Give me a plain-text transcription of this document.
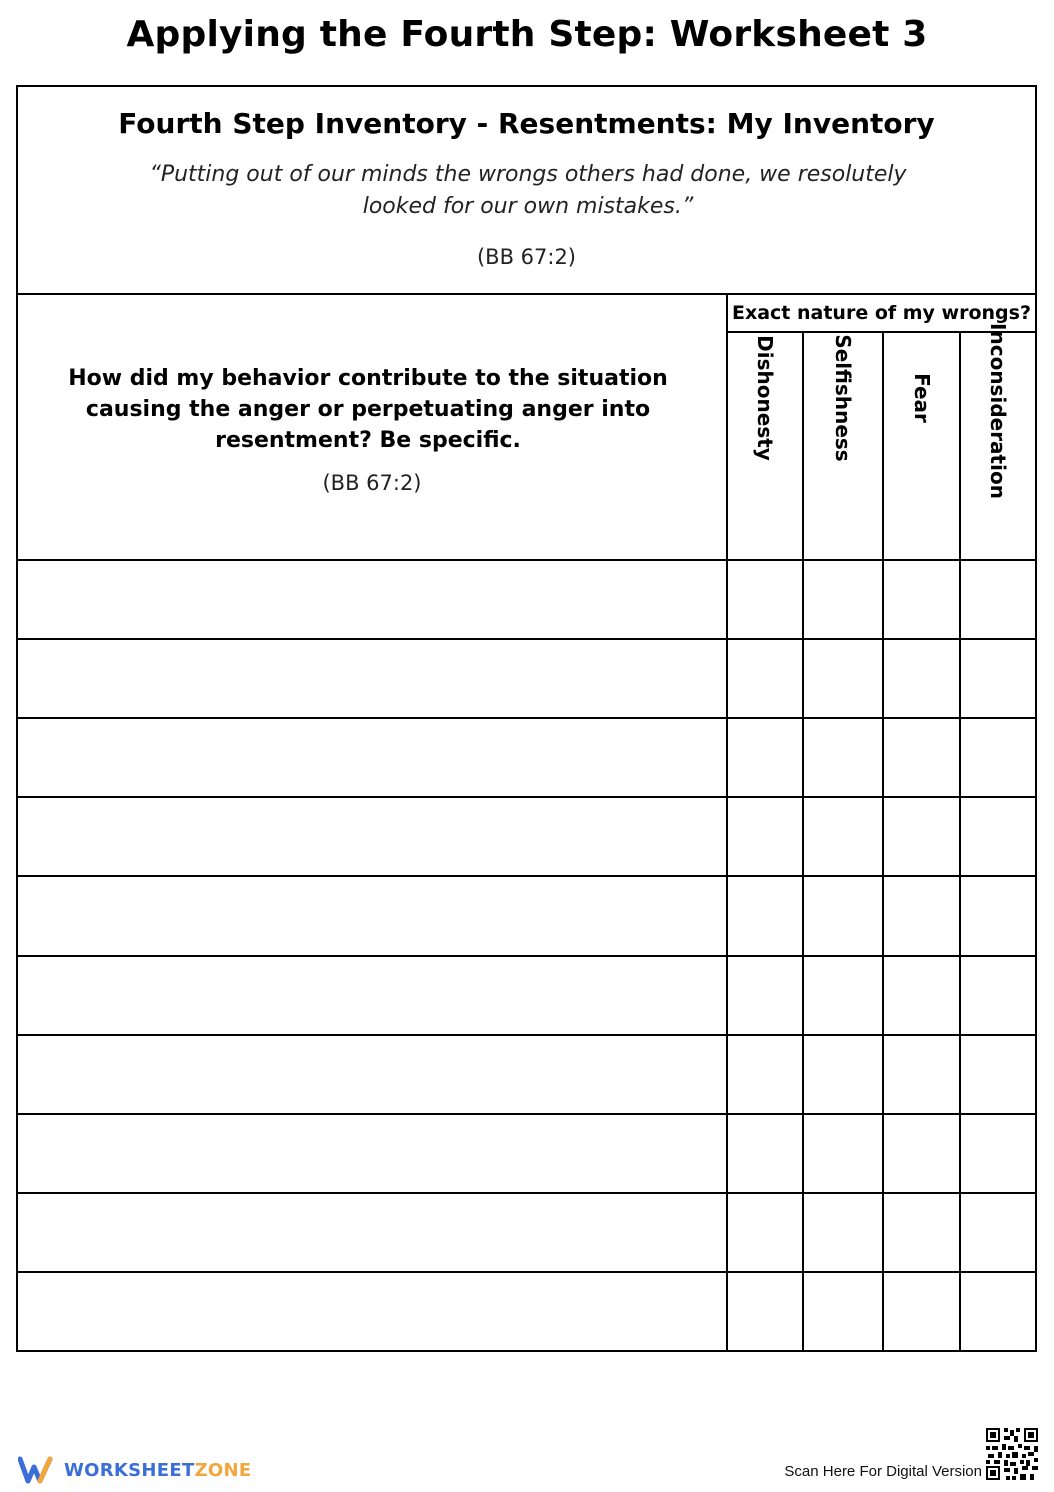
Applying the Fourth Step: Worksheet 3
Fourth Step Inventory - Resentments: My Inventory
“Putting out of our minds the wrongs others had done, we resolutely looked for our own mistakes.”
(BB 67:2)
How did my behavior contribute to the situation causing the anger or perpetuating anger into resentment? Be specific.
(BB 67:2)
Exact nature of my wrongs?
Dishonesty	Selfishness	Fear	Inconsideration
WORKSHEETZONE	Scan Here For Digital Version
